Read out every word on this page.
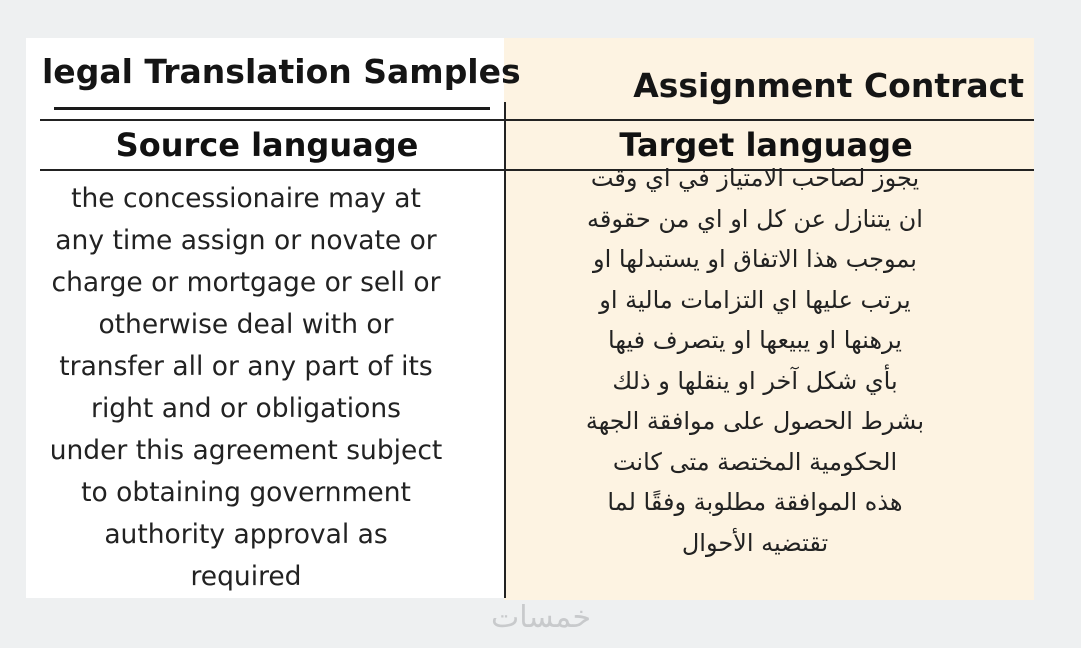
legal Translation Samples	Assignment Contract
Source language	Target language
the concessionaire may at
any time assign or novate or
charge or mortgage or sell or
otherwise deal with or
transfer all or any part of its
right and or obligations
under this agreement subject
to obtaining government
authority approval as
required
يجوز لصاحب الامتياز في اي وقت
ان يتنازل عن كل او اي من حقوقه
بموجب هذا الاتفاق او يستبدلها او
يرتب عليها اي التزامات مالية او
يرهنها او يبيعها او يتصرف فيها
بأي شكل آخر او ينقلها و ذلك
بشرط الحصول على موافقة الجهة
الحكومية المختصة متى كانت
هذه الموافقة مطلوبة وفقًا لما
تقتضيه الأحوال
خمسات
